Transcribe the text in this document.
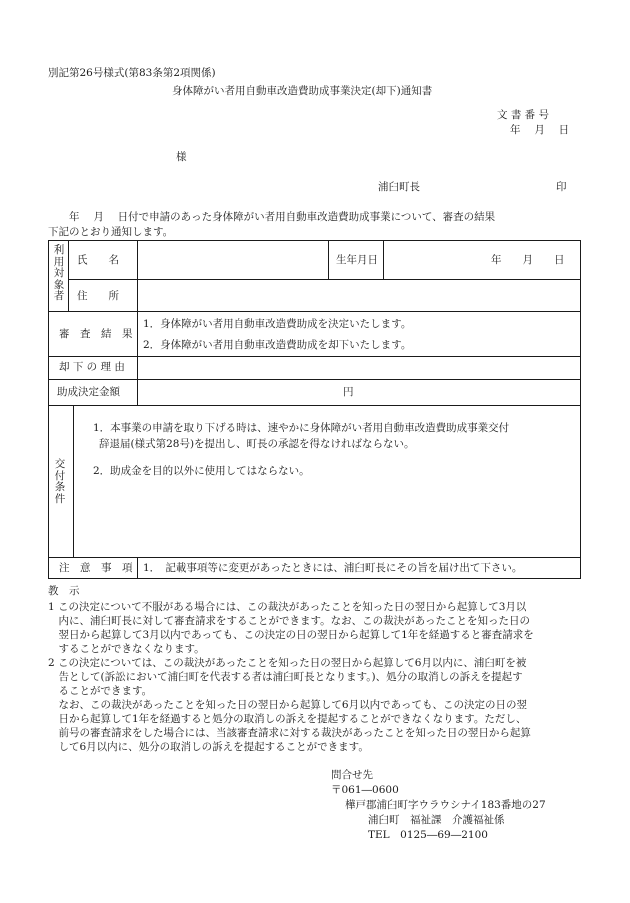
別記第26号様式(第83条第2項関係)
身体障がい者用自動車改造費助成事業決定(却下)通知書
文 書 番 号
年　 月　 日
様
浦臼町長	印
　　年　 月　 日付で申請のあった身体障がい者用自動車改造費助成事業について、審査の結果
下記のとおり通知します。
利用対象者
氏　　名	生年月日	年　　月　　日
住　　所
審　査　結　果
1．身体障がい者用自動車改造費助成を決定いたします。
2．身体障がい者用自動車改造費助成を却下いたします。
却 下 の 理 由
助成決定金額	円
交付条件
1．本事業の申請を取り下げる時は、速やかに身体障がい者用自動車改造費助成事業交付
辞退届(様式第28号)を提出し、町長の承認を得なければならない。
2．助成金を目的以外に使用してはならない。
注　意　事　項 1．　記載事項等に変更があったときには、浦臼町長にその旨を届け出て下さい。
教　示
1 この決定について不服がある場合には、この裁決があったことを知った日の翌日から起算して3月以
　内に、浦臼町長に対して審査請求をすることができます。なお、この裁決があったことを知った日の
　翌日から起算して3月以内であっても、この決定の日の翌日から起算して1年を経過すると審査請求を
　することができなくなります。
2 この決定については、この裁決があったことを知った日の翌日から起算して6月以内に、浦臼町を被
　告として(訴訟において浦臼町を代表する者は浦臼町長となります。)、処分の取消しの訴えを提起す
　ることができます。
　なお、この裁決があったことを知った日の翌日から起算して6月以内であっても、この決定の日の翌
　日から起算して1年を経過すると処分の取消しの訴えを提起することができなくなります。ただし、
　前号の審査請求をした場合には、当該審査請求に対する裁決があったことを知った日の翌日から起算
　して6月以内に、処分の取消しの訴えを提起することができます。
問合せ先
〒061―0600
樺戸郡浦臼町字ウラウシナイ183番地の27
浦臼町　福祉課　介護福祉係
TEL　0125―69―2100
